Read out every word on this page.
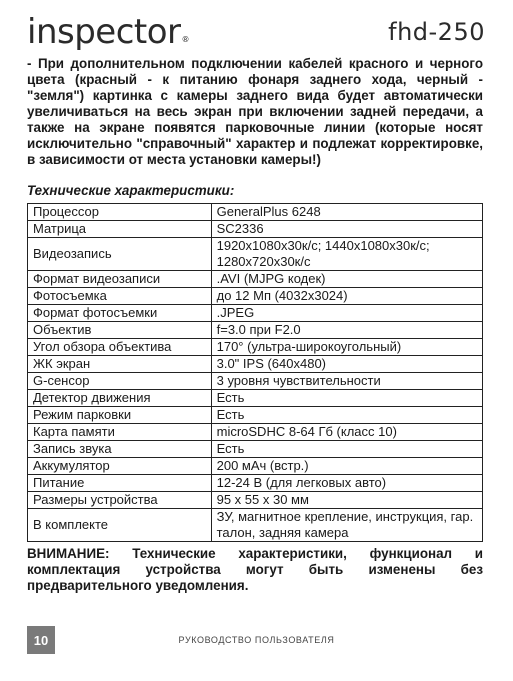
inspector®	fhd-250

- При дополнительном подключении кабелей красного и черного цвета (красный - к питанию фонаря заднего хода, черный - "земля") картинка с камеры заднего вида будет автоматически увеличиваться на весь экран при включении задней передачи, а также на экране появятся парковочные линии (которые носят исключительно "справочный" характер и подлежат корректировке, в зависимости от места установки камеры!)

Технические характеристики:
Процессор	GeneralPlus 6248
Матрица	SC2336
Видеозапись	1920x1080x30к/с; 1440x1080x30к/с; 1280x720x30к/с
Формат видеозаписи	.AVI (MJPG кодек)
Фотосъемка	до 12 Мп (4032x3024)
Формат фотосъемки	.JPEG
Объектив	f=3.0 при F2.0
Угол обзора объектива	170° (ультра-широкоугольный)
ЖК экран	3.0" IPS (640x480)
G-сенсор	3 уровня чувствительности
Детектор движения	Есть
Режим парковки	Есть
Карта памяти	microSDHC 8-64 Гб (класс 10)
Запись звука	Есть
Аккумулятор	200 мАч (встр.)
Питание	12-24 В (для легковых авто)
Размеры устройства	95 x 55 x 30 мм
В комплекте	ЗУ, магнитное крепление, инструкция, гар. талон, задняя камера

ВНИМАНИЕ: Технические характеристики, функционал и комплектация устройства могут быть изменены без предварительного уведомления.

10	РУКОВОДСТВО ПОЛЬЗОВАТЕЛЯ
